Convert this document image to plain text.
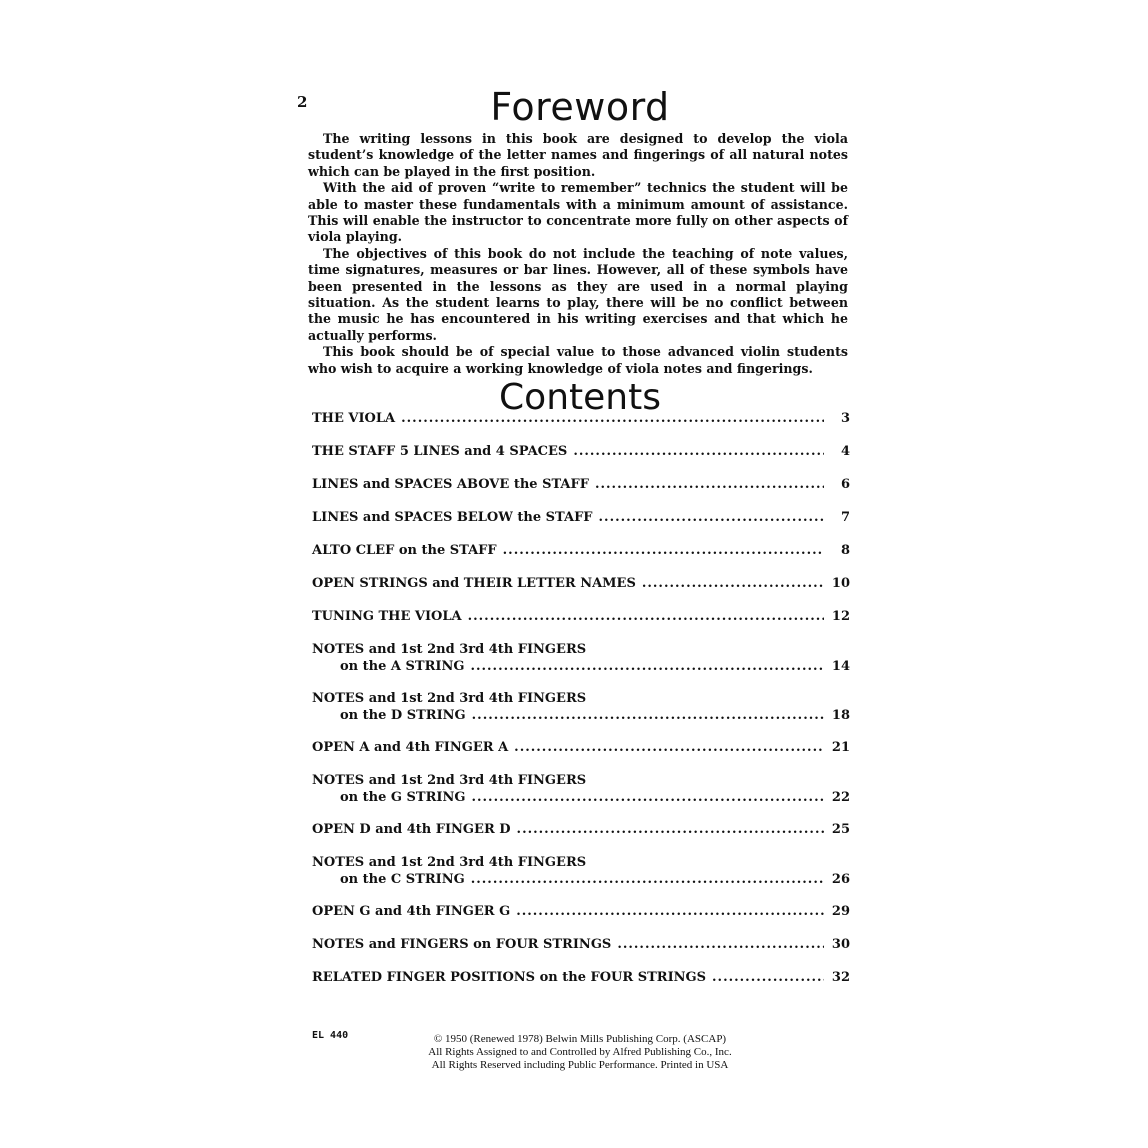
2	Foreword

The writing lessons in this book are designed to develop the viola student’s knowledge of the letter names and fingerings of all natural notes which can be played in the first position.

With the aid of proven “write to remember” technics the student will be able to master these fundamentals with a minimum amount of assistance. This will enable the instructor to concentrate more fully on other aspects of viola playing.

The objectives of this book do not include the teaching of note values, time signatures, measures or bar lines. However, all of these symbols have been presented in the lessons as they are used in a normal playing situation. As the student learns to play, there will be no conflict between the music he has encountered in his writing exercises and that which he actually performs.

This book should be of special value to those advanced violin students who wish to acquire a working knowledge of viola notes and fingerings.

Contents
THE VIOLA .....	3
THE STAFF 5 LINES and 4 SPACES .....	4
LINES and SPACES ABOVE the STAFF .....	6
LINES and SPACES BELOW the STAFF .....	7
ALTO CLEF on the STAFF .....	8
OPEN STRINGS and THEIR LETTER NAMES .....	10
TUNING THE VIOLA .....	12
NOTES and 1st 2nd 3rd 4th FINGERS
on the A STRING .....	14
NOTES and 1st 2nd 3rd 4th FINGERS
on the D STRING .....	18
OPEN A and 4th FINGER A .....	21
NOTES and 1st 2nd 3rd 4th FINGERS
on the G STRING .....	22
OPEN D and 4th FINGER D .....	25
NOTES and 1st 2nd 3rd 4th FINGERS
on the C STRING .....	26
OPEN G and 4th FINGER G .....	29
NOTES and FINGERS on FOUR STRINGS .....	30
RELATED FINGER POSITIONS on the FOUR STRINGS .....	32
EL 440	© 1950 (Renewed 1978) Belwin Mills Publishing Corp. (ASCAP)
All Rights Assigned to and Controlled by Alfred Publishing Co., Inc.
All Rights Reserved including Public Performance. Printed in USA
